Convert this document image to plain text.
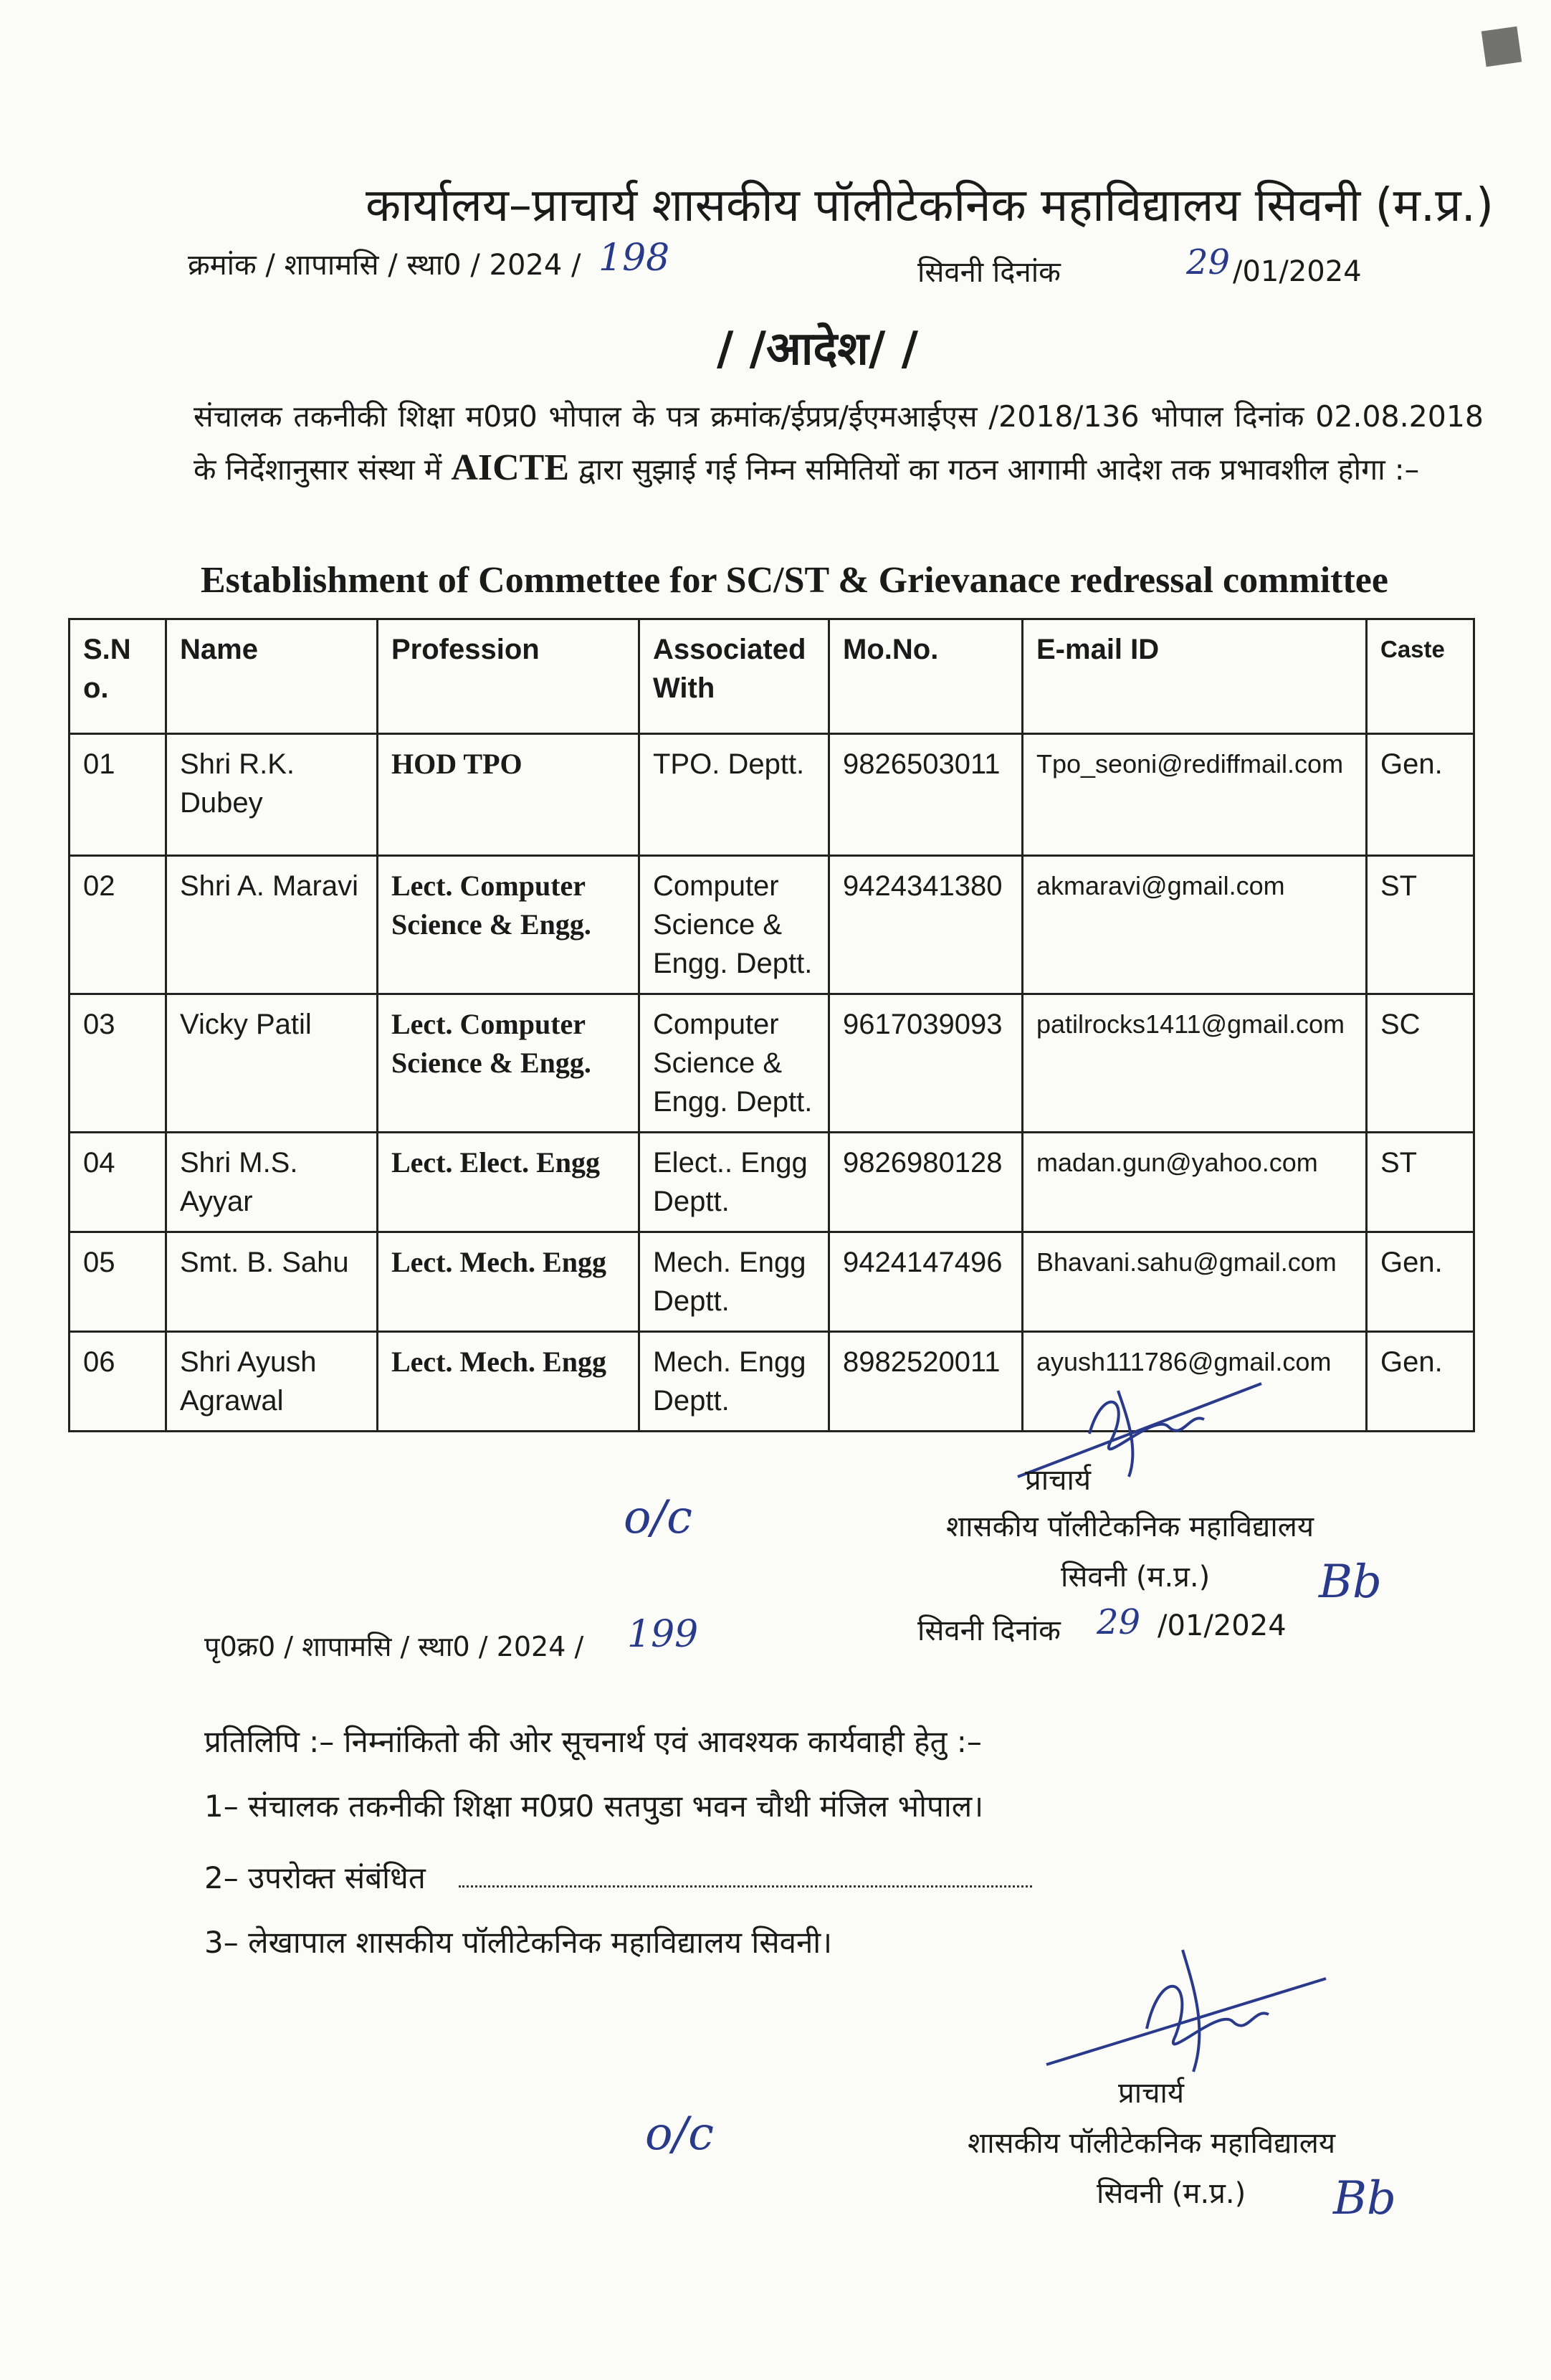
कार्यालय–प्राचार्य शासकीय पॉलीटेकनिक महाविद्यालय सिवनी (म.प्र.)
क्रमांक / शापामसि / स्था0 / 2024 / 198	सिवनी दिनांक	29 /01/2024
/ /आदेश/ /
संचालक तकनीकी शिक्षा म0प्र0 भोपाल के पत्र क्रमांक/ईप्रप्र/ईएमआईएस /2018/136 भोपाल दिनांक 02.08.2018 के निर्देशानुसार संस्था में AICTE द्वारा सुझाई गई निम्न समितियों का गठन आगामी आदेश तक प्रभावशील होगा :–
Establishment of Commettee for SC/ST & Grievanace redressal committee
S.N o.	Name	Profession	Associated With	Mo.No.	E-mail ID	Caste
01	Shri R.K. Dubey	HOD TPO	TPO. Deptt.	9826503011	Tpo_seoni@rediffmail.com	Gen.
02	Shri A. Maravi	Lect. Computer Science & Engg.	Computer Science & Engg. Deptt.	9424341380	akmaravi@gmail.com	ST
03	Vicky Patil	Lect. Computer Science & Engg.	Computer Science & Engg. Deptt.	9617039093	patilrocks1411@gmail.com	SC
04	Shri M.S. Ayyar	Lect. Elect. Engg	Elect.. Engg Deptt.	9826980128	madan.gun@yahoo.com	ST
05	Smt. B. Sahu	Lect. Mech. Engg	Mech. Engg Deptt.	9424147496	Bhavani.sahu@gmail.com	Gen.
06	Shri Ayush Agrawal	Lect. Mech. Engg	Mech. Engg Deptt.	8982520011	ayush111786@gmail.com	Gen.
प्राचार्य
शासकीय पॉलीटेकनिक महाविद्यालय
सिवनी (म.प्र.)
o/c
Bb
पृ0क्र0 / शापामसि / स्था0 / 2024 / 199	सिवनी दिनांक 29 /01/2024
प्रतिलिपि :– निम्नांकितो की ओर सूचनार्थ एवं आवश्यक कार्यवाही हेतु :–
1– संचालक तकनीकी शिक्षा म0प्र0 सतपुडा भवन चौथी मंजिल भोपाल।
2– उपरोक्त संबंधित
3– लेखापाल शासकीय पॉलीटेकनिक महाविद्यालय सिवनी।
प्राचार्य
शासकीय पॉलीटेकनिक महाविद्यालय
सिवनी (म.प्र.)
o/c
Bb
